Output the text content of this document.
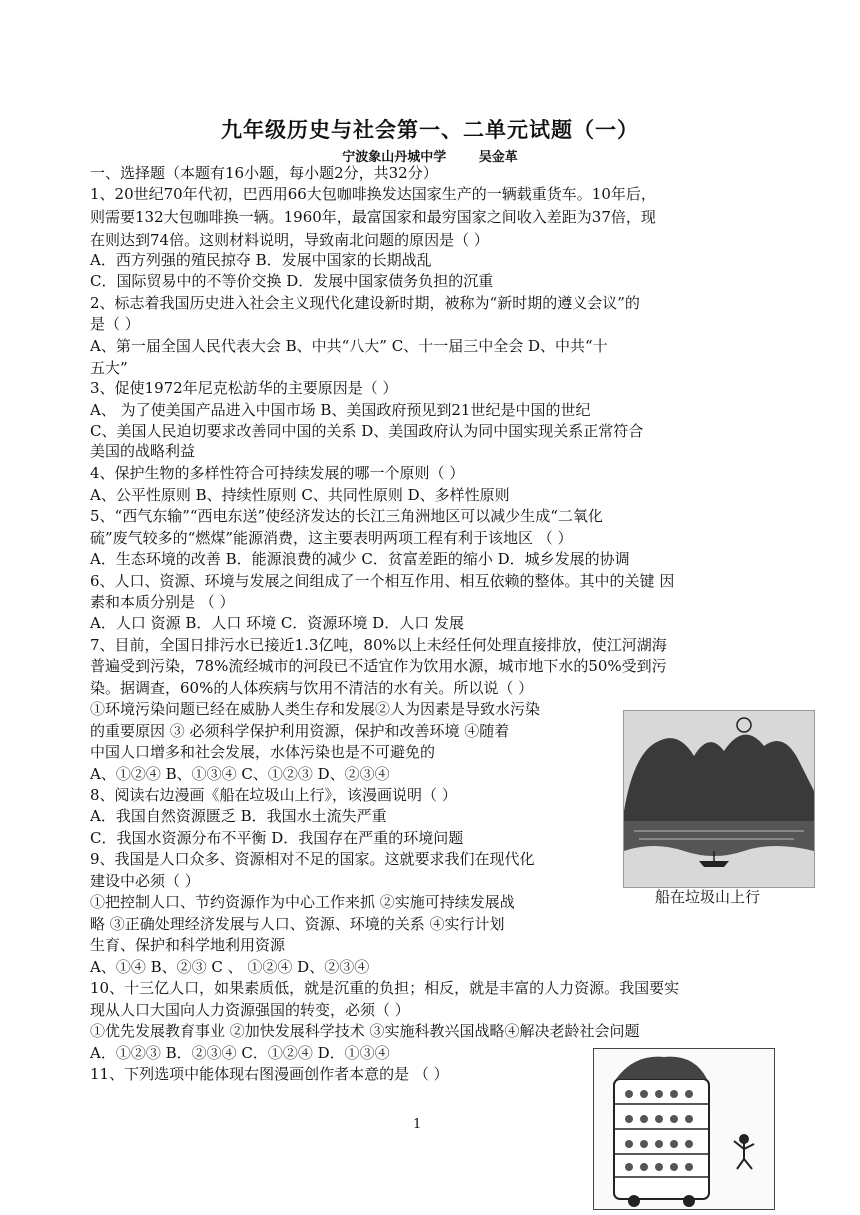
九年级历史与社会第一、二单元试题（一）
宁波象山丹城中学	吴金革
一、选择题（本题有16小题，每小题2分，共32分）
1、20世纪70年代初，巴西用66大包咖啡换发达国家生产的一辆载重货车。10年后，
则需要132大包咖啡换一辆。1960年，最富国家和最穷国家之间收入差距为37倍，现
在则达到74倍。这则材料说明，导致南北问题的原因是（ ）
A．西方列强的殖民掠夺 B．发展中国家的长期战乱
C．国际贸易中的不等价交换 D．发展中国家债务负担的沉重
2、标志着我国历史进入社会主义现代化建设新时期，被称为“新时期的遵义会议”的
是（ ）
A、第一届全国人民代表大会 B、中共“八大” C、十一届三中全会 D、中共“十
五大”
3、促使1972年尼克松訪华的主要原因是（ ）
A、 为了使美国产品进入中国市场 B、美国政府预见到21世纪是中国的世纪
C、美国人民迫切要求改善同中国的关系 D、美国政府认为同中国实现关系正常符合
美国的战略利益
4、保护生物的多样性符合可持续发展的哪一个原则（ ）
A、公平性原则 B、持续性原则 C、共同性原则 D、多样性原则
5、“西气东输”“西电东送”使经济发达的长江三角洲地区可以减少生成“二氧化
硫”废气较多的“燃煤”能源消费，这主要表明两项工程有利于该地区 （ ）
A．生态环境的改善 B．能源浪费的减少 C．贫富差距的缩小 D．城乡发展的协调
6、人口、资源、环境与发展之间组成了一个相互作用、相互依赖的整体。其中的关键 因
素和本质分别是 （ ）
A．人口 资源 B．人口 环境 C．资源环境 D．人口 发展
7、目前，全国日排污水已接近1.3亿吨，80%以上未经任何处理直接排放，使江河湖海
普遍受到污染，78%流经城市的河段已不适宜作为饮用水源，城市地下水的50%受到污
染。据调查，60%的人体疾病与饮用不清洁的水有关。所以说（ ）
①环境污染问题已经在威胁人类生存和发展②人为因素是导致水污染
的重要原因 ③ 必须科学保护利用资源，保护和改善环境 ④随着
中国人口增多和社会发展，水体污染也是不可避免的
A、①②④ B、①③④ C、①②③ D、②③④
8、阅读右边漫画《船在垃圾山上行》，该漫画说明（ ）
A．我国自然资源匮乏 B．我国水土流失严重
C．我国水资源分布不平衡 D．我国存在严重的环境问题
9、我国是人口众多、资源相对不足的国家。这就要求我们在现代化
建设中必须（ ）
①把控制人口、节约资源作为中心工作来抓 ②实施可持续发展战
略 ③正确处理经济发展与人口、资源、环境的关系 ④实行计划
生育、保护和科学地利用资源
A、①④ B、②③ C 、 ①②④ D、②③④
10、十三亿人口，如果素质低，就是沉重的负担；相反，就是丰富的人力资源。我国要实
现从人口大国向人力资源强国的转变，必须（ ）
①优先发展教育事业 ②加快发展科学技术 ③实施科教兴国战略④解决老龄社会问题
A．①②③ B．②③④ C．①②④ D．①③④
11、下列选项中能体现右图漫画创作者本意的是 （ ）
船在垃圾山上行
1
